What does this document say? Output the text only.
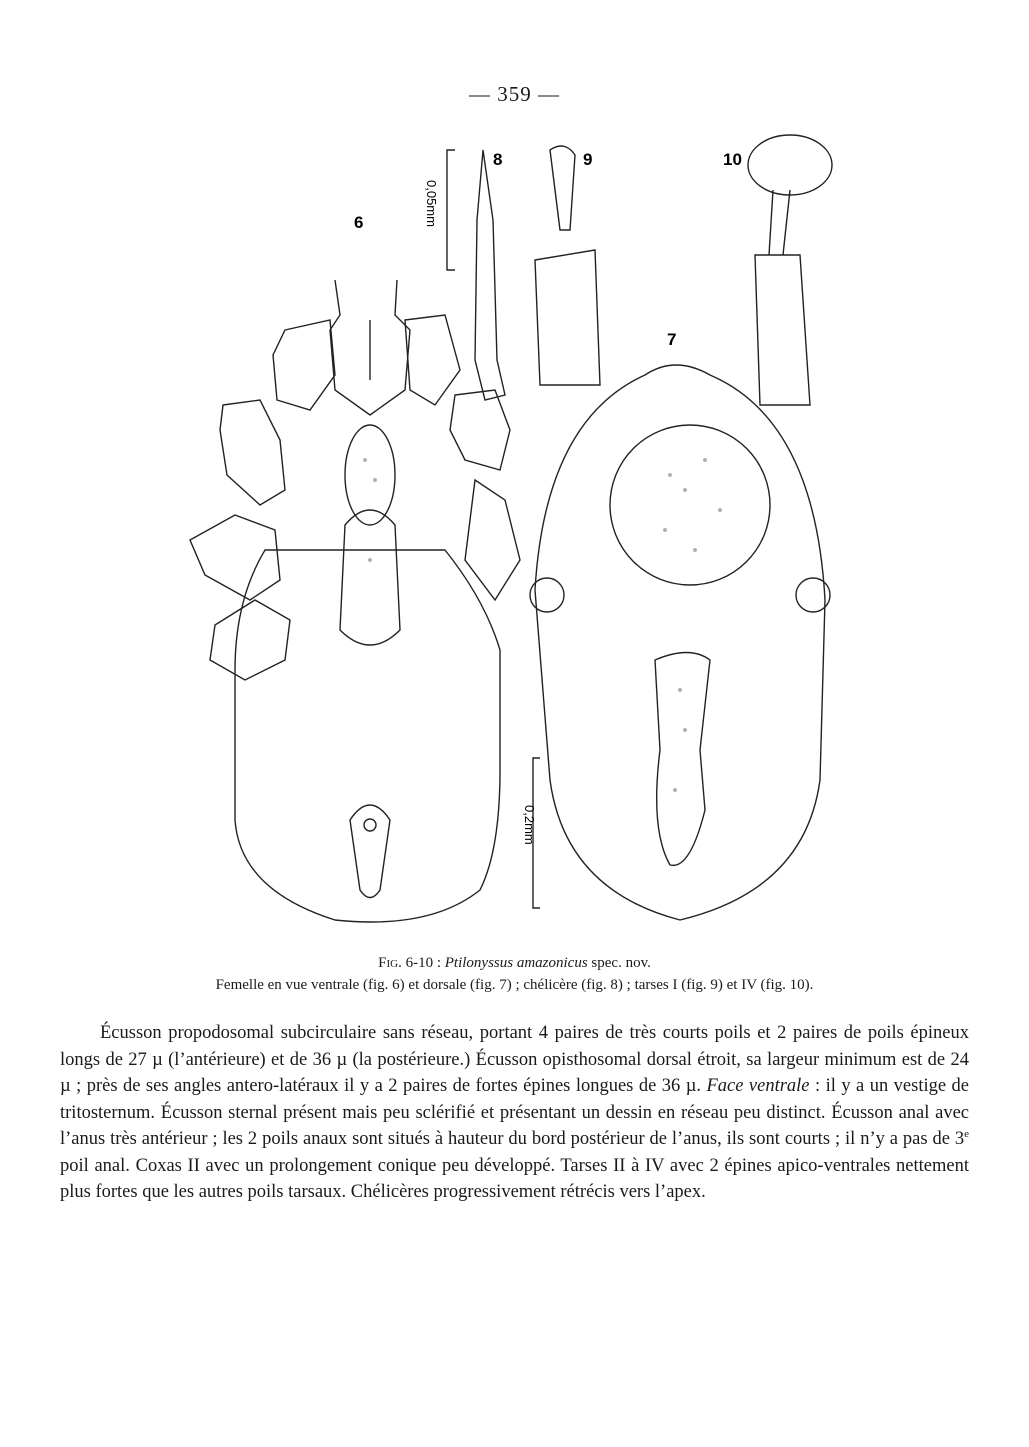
— 359 —
6
7
8	9	10
0,05mm
0,2mm
Fig. 6-10 : Ptilonyssus amazonicus spec. nov.
Femelle en vue ventrale (fig. 6) et dorsale (fig. 7) ; chélicère (fig. 8) ; tarses I (fig. 9) et IV (fig. 10).
Écusson propodosomal subcirculaire sans réseau, portant 4 paires de très courts poils et 2 paires de poils épineux longs de 27 µ (l’antérieure) et de 36 µ (la postérieure.) Écusson opisthosomal dorsal étroit, sa largeur minimum est de 24 µ ; près de ses angles antero-latéraux il y a 2 paires de fortes épines longues de 36 µ. Face ventrale : il y a un vestige de tritosternum. Écusson sternal présent mais peu sclérifié et présentant un dessin en réseau peu distinct. Écusson anal avec l’anus très antérieur ; les 2 poils anaux sont situés à hauteur du bord postérieur de l’anus, ils sont courts ; il n’y a pas de 3e poil anal. Coxas II avec un prolongement conique peu développé. Tarses II à IV avec 2 épines apico-ventrales nettement plus fortes que les autres poils tarsaux. Chélicères progressivement rétrécis vers l’apex.
